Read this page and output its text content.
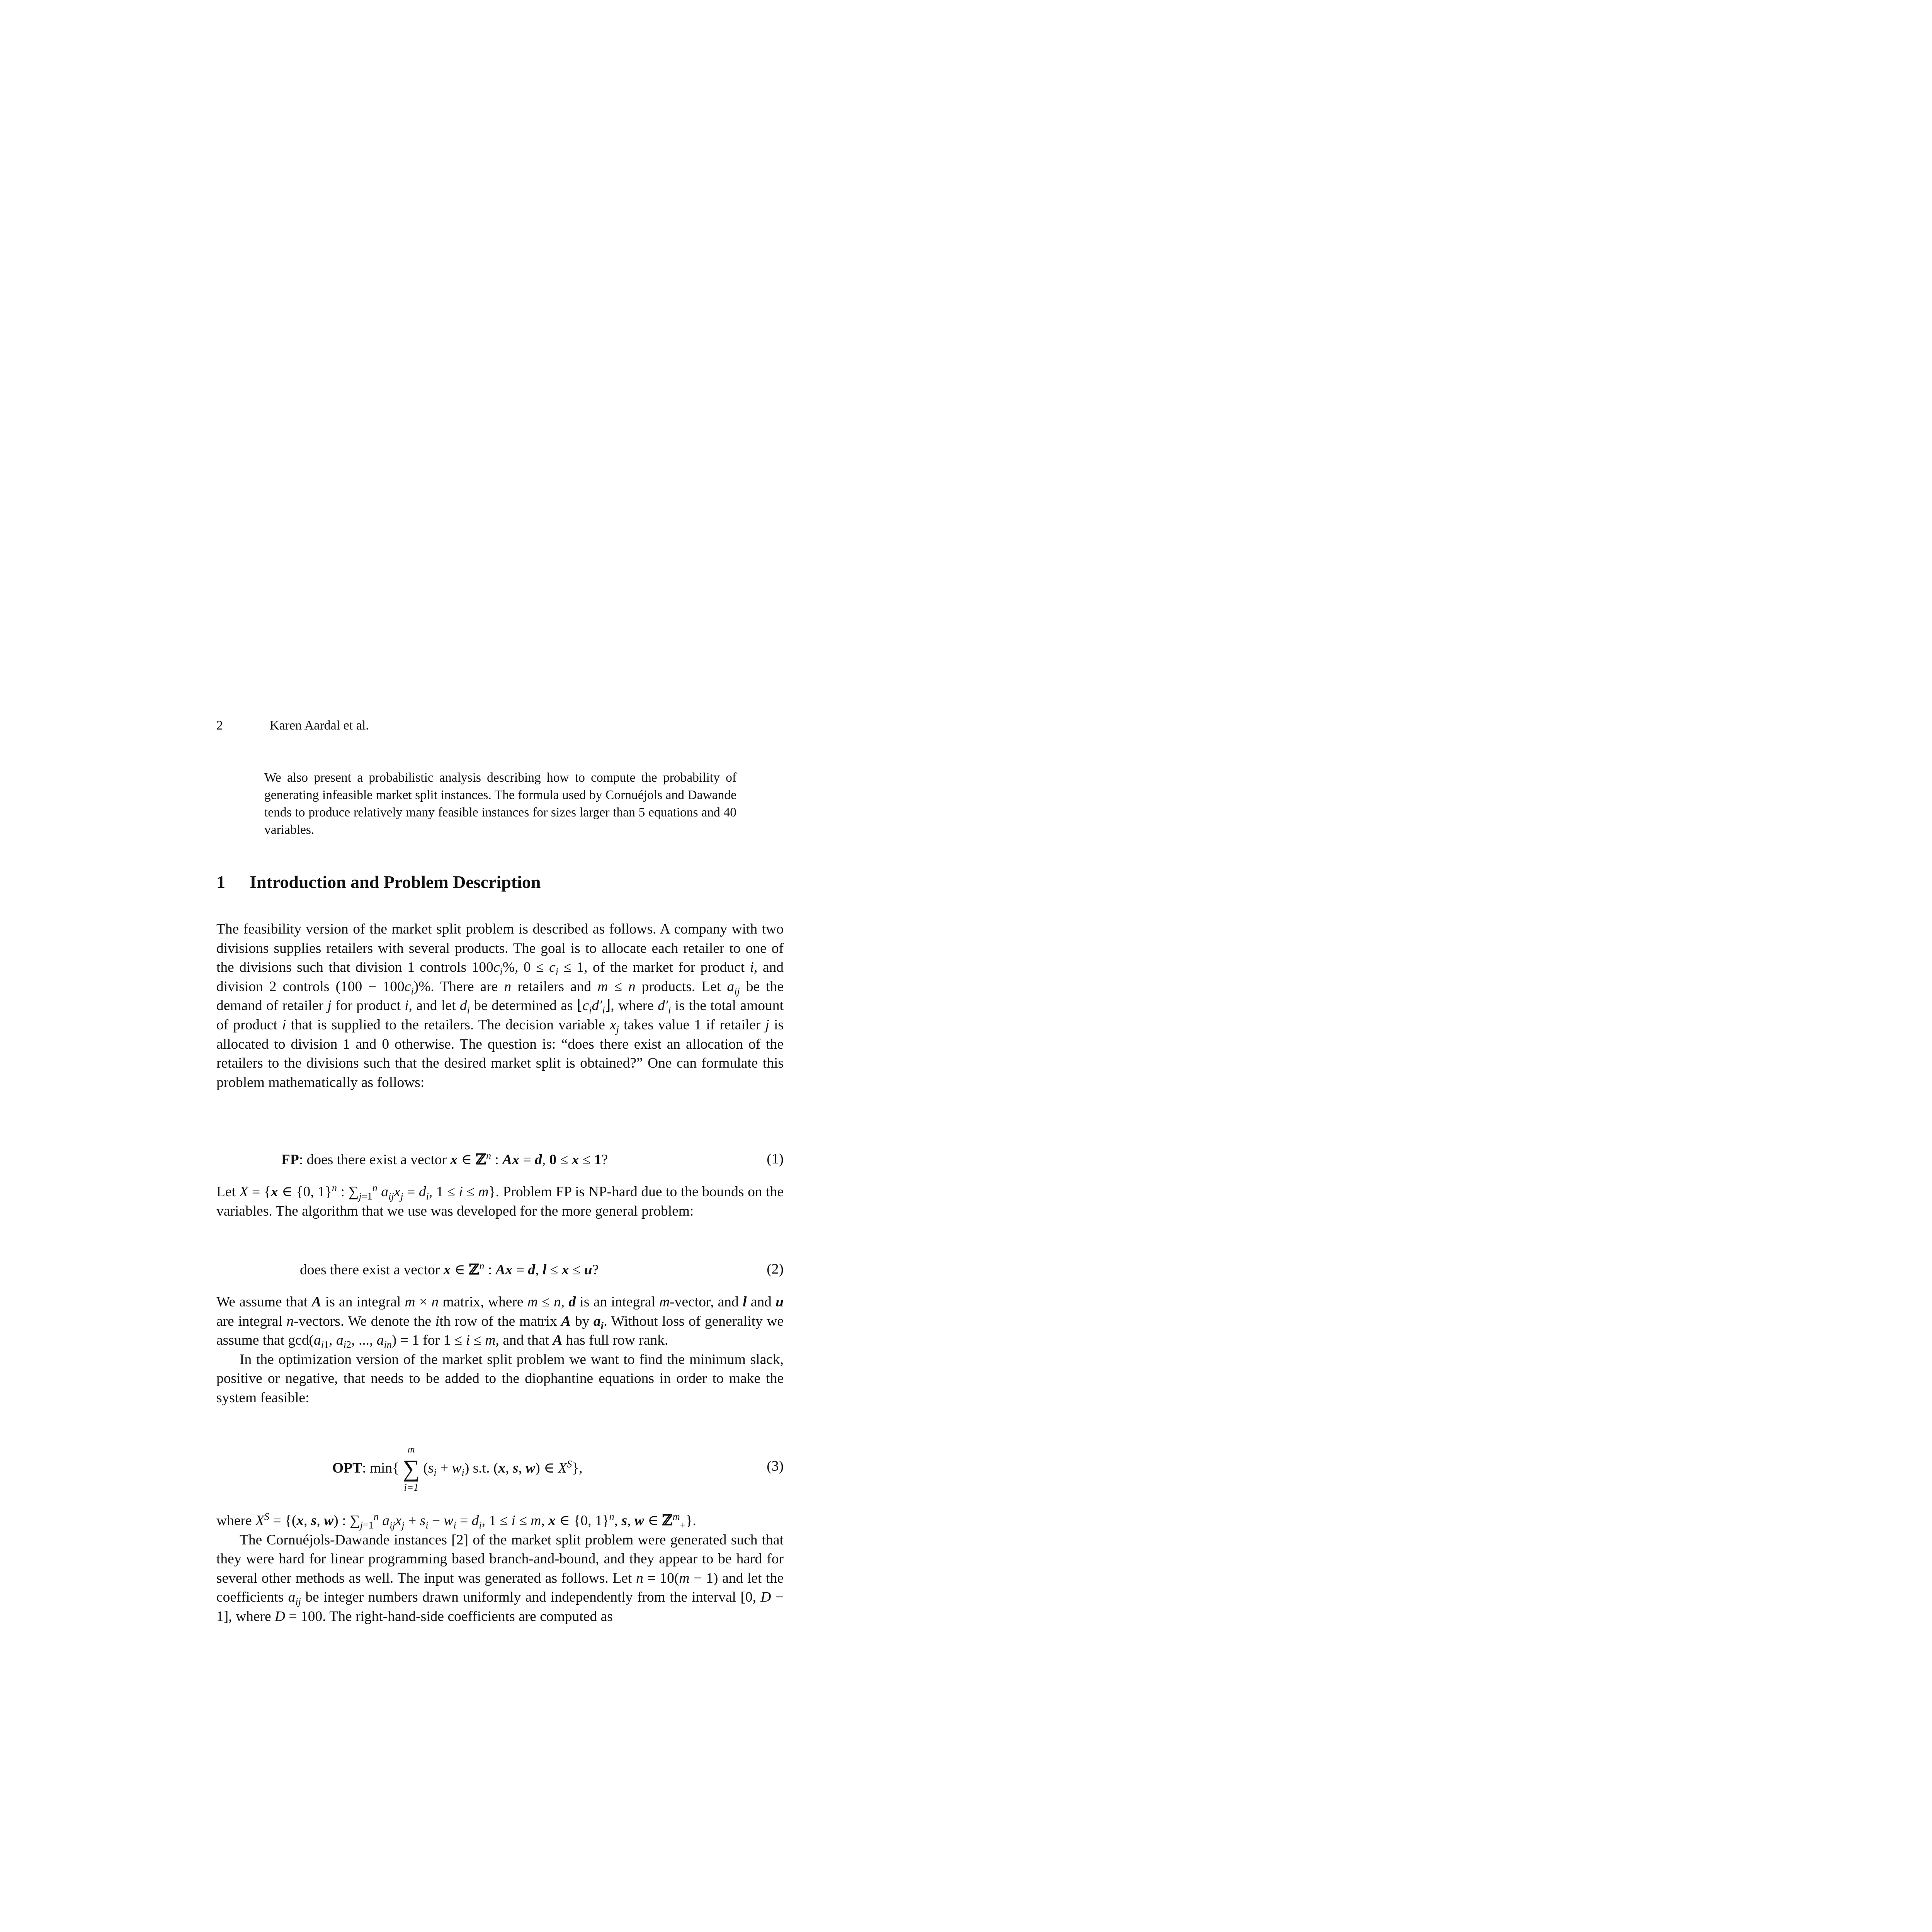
2	Karen Aardal et al.

We also present a probabilistic analysis describing how to compute the probability of generating infeasible market split instances. The formula used by Cornuéjols and Dawande tends to produce relatively many feasible instances for sizes larger than 5 equations and 40 variables.

1 Introduction and Problem Description

The feasibility version of the market split problem is described as follows. A company with two divisions supplies retailers with several products. The goal is to allocate each retailer to one of the divisions such that division 1 controls $100c_i\%$, $0 \le c_i \le 1$, of the market for product i, and division 2 controls $(100 - 100c_i)\%$. There are n retailers and m ≤ n products. Let $a_{ij}$ be the demand of retailer j for product i, and let $d_i$ be determined as $⌊c_id'_i⌋$, where $d'_i$ is the total amount of product i that is supplied to the retailers. The decision variable $x_j$ takes value 1 if retailer j is allocated to division 1 and 0 otherwise. The question is: “does there exist an allocation of the retailers to the divisions such that the desired market split is obtained?” One can formulate this problem mathematically as follows:

FP: does there exist a vector x ∈ ℤ$^n$ : Ax = d, 0 ≤ x ≤ 1?	(1)

Let X = {x ∈ {0, 1}$^n$ : $\sum_{j=1}^n$ $a_{ij}x_j = d_i$, 1 ≤ i ≤ m}. Problem FP is NP-hard due to the bounds on the variables. The algorithm that we use was developed for the more general problem:

does there exist a vector x ∈ ℤ$^n$ : Ax = d, l ≤ x ≤ u?	(2)

We assume that A is an integral m × n matrix, where m ≤ n, d is an integral m-vector, and l and u are integral n-vectors. We denote the ith row of the matrix A by $a_i$. Without loss of generality we assume that $\gcd(a_{i1}$, $a_{i2}$, ..., $a_{in}) = 1$ for 1 ≤ i ≤ m, and that A has full row rank.

In the optimization version of the market split problem we want to find the minimum slack, positive or negative, that needs to be added to the diophantine equations in order to make the system feasible:

OPT: min{
m
∑
i=1
$(s_i + w_i)$ s.t. (x, s, w) ∈ $X^S$},	(3)

where $X^S = \{(x$, s, w) : $\sum_{j=1}^n$ $a_{ij}x_j + s_i - w_i = d_i$, 1 ≤ i ≤ m, x ∈ {0, 1}$^n$, s, w ∈ ℤ$^m_+$}.

The Cornuéjols-Dawande instances [2] of the market split problem were generated such that they were hard for linear programming based branch-and-bound, and they appear to be hard for several other methods as well. The input was generated as follows. Let n = 10(m − 1) and let the coefficients $a_{ij}$ be integer numbers drawn uniformly and independently from the interval [0, D − 1], where D = 100. The right-hand-side coefficients are computed as
